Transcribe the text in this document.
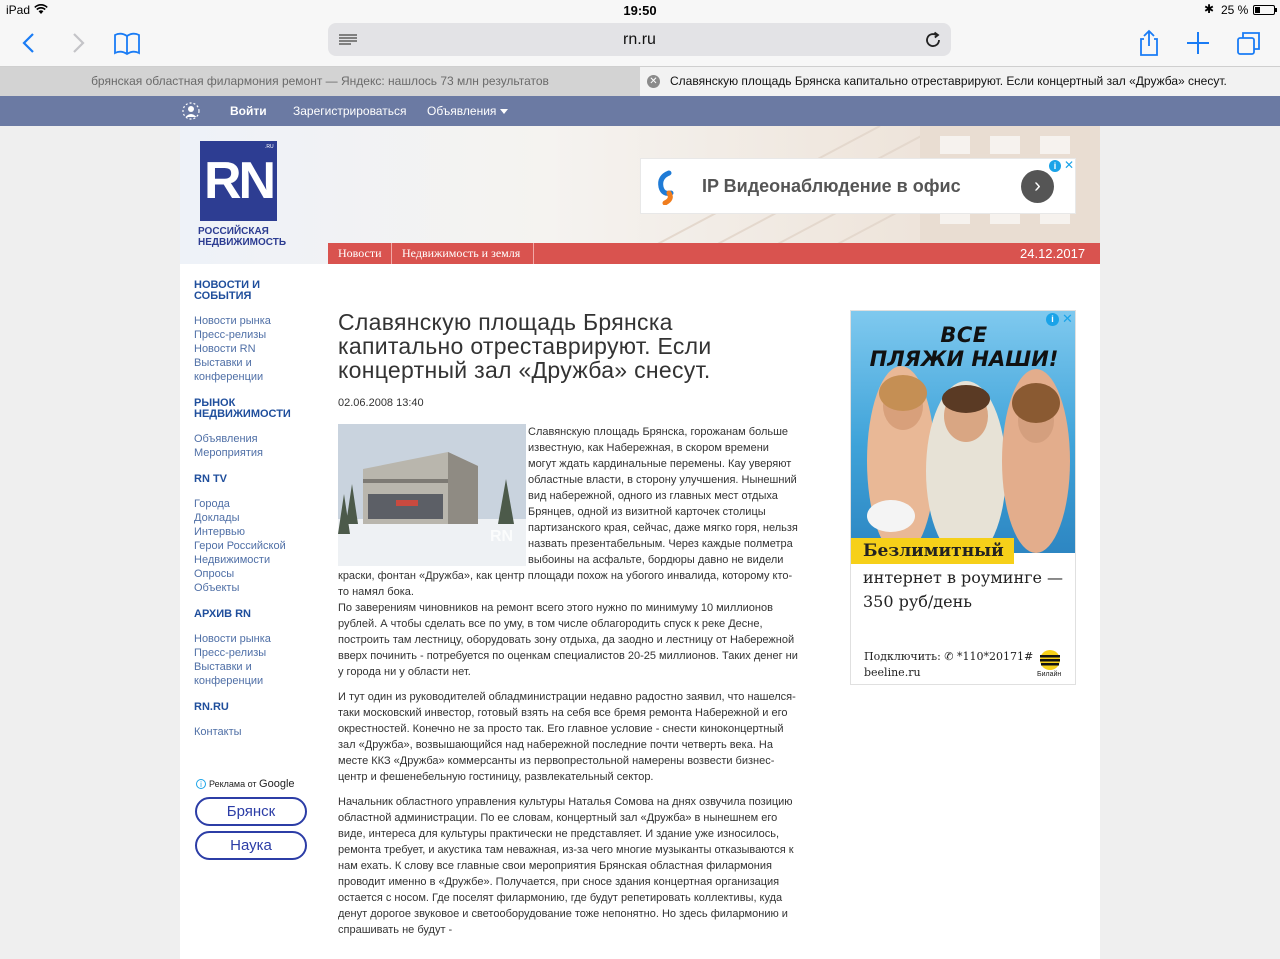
iPad	19:50	✱ 25 %
rn.ru
брянская областная филармония ремонт — Яндекс: нашлось 73 млн результатов	Славянскую площадь Брянска капитально отреставрируют. Если концертный зал «Дружба» снесут.
✕
Войти Зарегистрироваться Объявления
RN
.RU
РОССИЙСКАЯ НЕДВИЖИМОСТЬ
IP Видеонаблюдение в офис	›
i ✕
Новости Недвижимость и земля	24.12.2017
НОВОСТИ И СОБЫТИЯ
Новости рынка
Пресс-релизы
Новости RN
Выставки и конференции
РЫНОК НЕДВИЖИМОСТИ
Объявления
Мероприятия
RN TV
Города
Доклады
Интервью
Герои Российской Недвижимости
Опросы
Объекты
АРХИВ RN
Новости рынка
Пресс-релизы
Выставки и конференции
RN.RU
Контакты
i Реклама от Google
Брянск
Наука
Славянскую площадь Брянска капитально отреставрируют. Если концертный зал «Дружба» снесут.
02.06.2008 13:40
RN

Славянскую площадь Брянска, горожанам больше известную, как Набережная, в скором времени могут ждать кардинальные перемены. Кау уверяют областные власти, в сторону улучшения. Нынешний вид набережной, одного из главных мест отдыха Брянцев, одной из визитной карточек столицы партизанского края, сейчас, даже мягко горя, нельзя назвать презентабельным. Через каждые полметра выбоины на асфальте, бордюры давно не видели краски, фонтан «Дружба», как центр площади похож на убогого инвалида, которому кто-то намял бока.

По заверениям чиновников на ремонт всего этого нужно по минимуму 10 миллионов рублей. А чтобы сделать все по уму, в том числе облагородить спуск к реке Десне, построить там лестницу, оборудовать зону отдыха, да заодно и лестницу от Набережной вверх починить - потребуется по оценкам специалистов 20-25 миллионов. Таких денег ни у города ни у области нет.

И тут один из руководителей обладминистрации недавно радостно заявил, что нашелся-таки московский инвестор, готовый взять на себя все бремя ремонта Набережной и его окрестностей. Конечно не за просто так. Его главное условие - снести киноконцертный зал «Дружба», возвышающийся над набережной последние почти четверть века. На месте ККЗ «Дружба» коммерсанты из первопрестольной намерены возвести бизнес-центр и фешенебельную гостиницу, развлекательный сектор.

Начальник областного управления культуры Наталья Сомова на днях озвучила позицию областной администрации. По ее словам, концертный зал «Дружба» в нынешнем его виде, интереса для культуры практически не представляет. И здание уже износилось, ремонта требует, и акустика там неважная, из-за чего многие музыканты отказываются к нам ехать. К слову все главные свои мероприятия Брянская областная филармония проводит именно в «Дружбе». Получается, при сносе здания концертная организация остается с носом. Где поселят филармонию, где будут репетировать коллективы, куда денут дорогое звуковое и светооборудование тоже непонятно. Но здесь филармонию и спрашивать не будут -

ВСЕ
ПЛЯЖИ НАШИ!
Безлимитный
интернет в роуминге — 350 руб/день
Подключить: ✆ *110*20171#
beeline.ru	Билайн
i ✕
